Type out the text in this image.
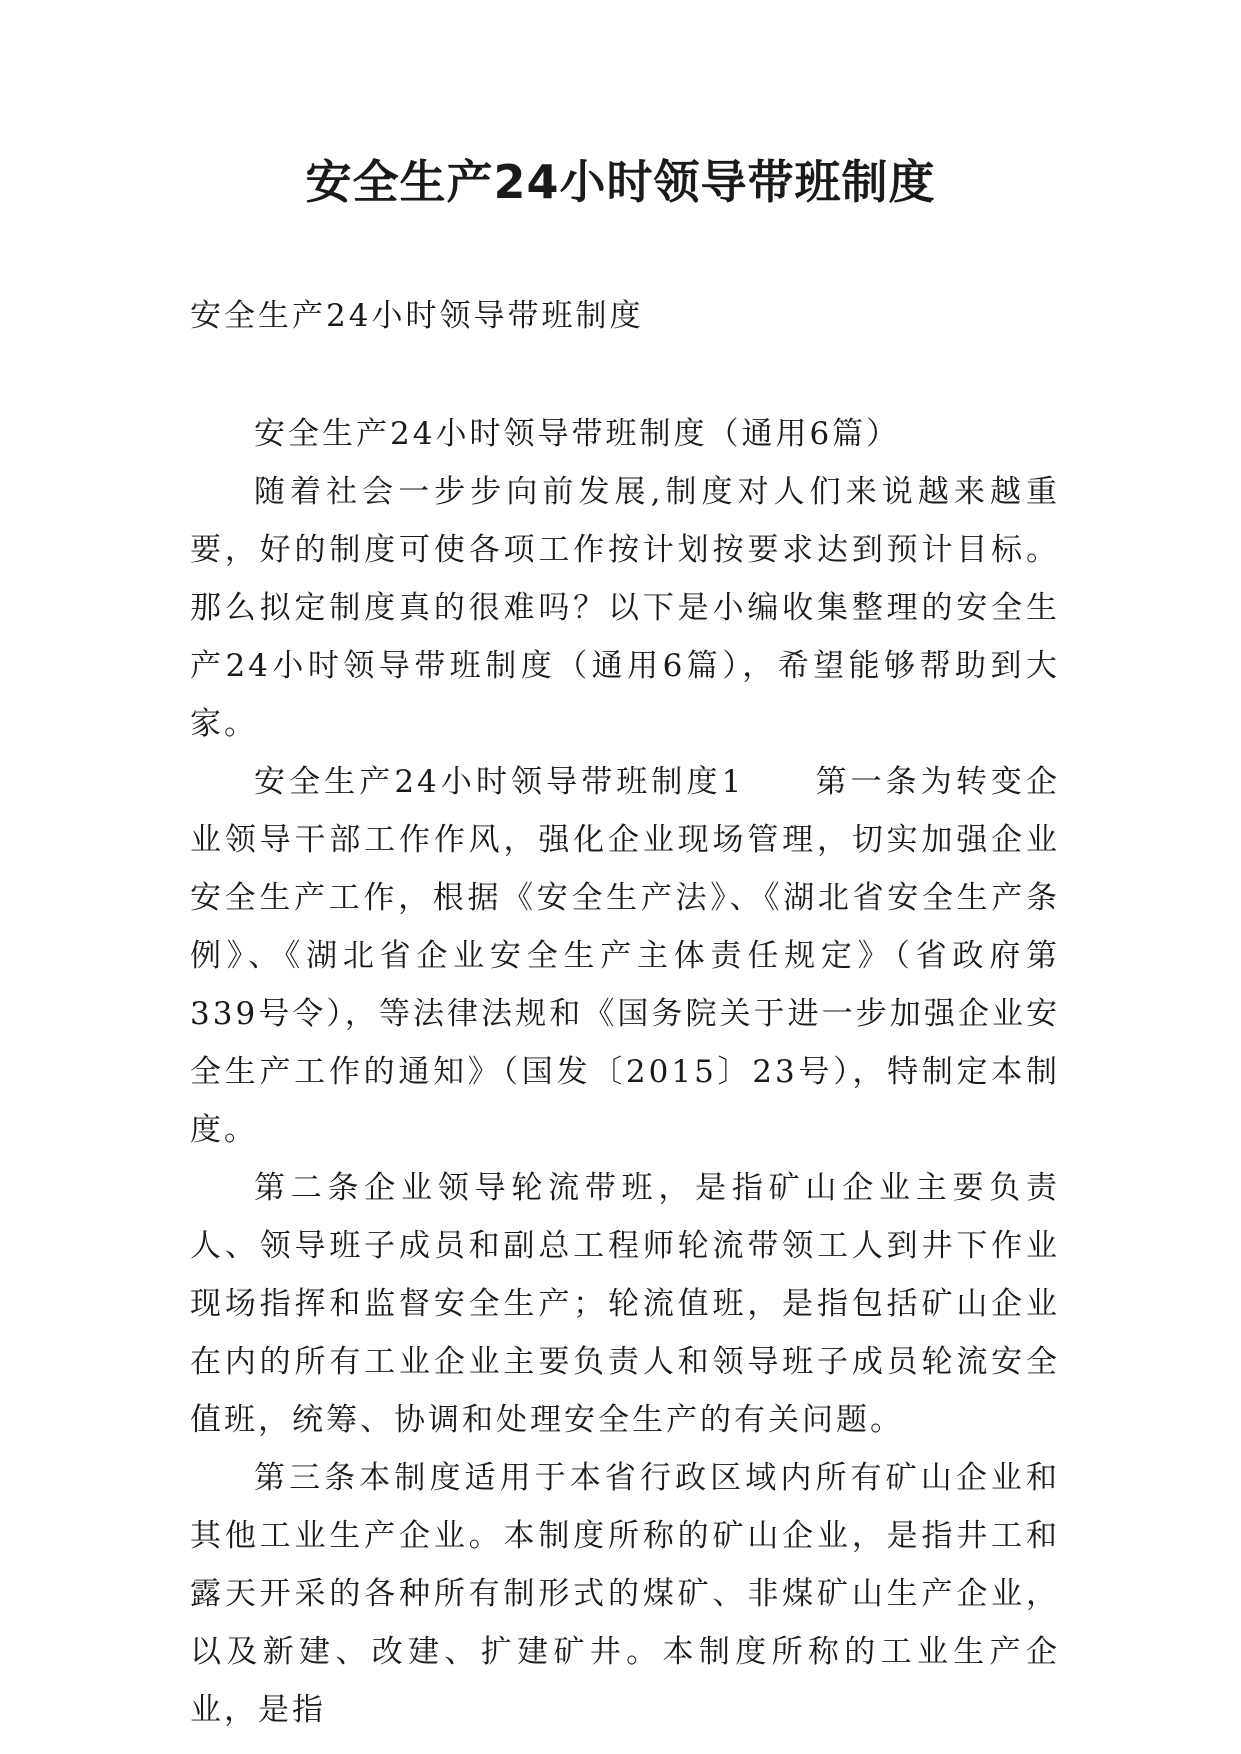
安全生产24小时领导带班制度

安全生产24小时领导带班制度

安全生产24小时领导带班制度（通用6篇）

随着社会一步步向前发展,制度对人们来说越来越重要，好的制度可使各项工作按计划按要求达到预计目标。那么拟定制度真的很难吗？以下是小编收集整理的安全生产24小时领导带班制度（通用6篇），希望能够帮助到大家。

安全生产24小时领导带班制度1　　第一条为转变企业领导干部工作作风，强化企业现场管理，切实加强企业安全生产工作，根据《安全生产法》、《湖北省安全生产条例》、《湖北省企业安全生产主体责任规定》（省政府第339号令），等法律法规和《国务院关于进一步加强企业安全生产工作的通知》（国发〔2015〕23号），特制定本制度。

第二条企业领导轮流带班，是指矿山企业主要负责人、领导班子成员和副总工程师轮流带领工人到井下作业现场指挥和监督安全生产；轮流值班，是指包括矿山企业在内的所有工业企业主要负责人和领导班子成员轮流安全值班，统筹、协调和处理安全生产的有关问题。

第三条本制度适用于本省行政区域内所有矿山企业和其他工业生产企业。本制度所称的矿山企业，是指井工和露天开采的各种所有制形式的煤矿、非煤矿山生产企业，以及新建、改建、扩建矿井。本制度所称的工业生产企业，是指
